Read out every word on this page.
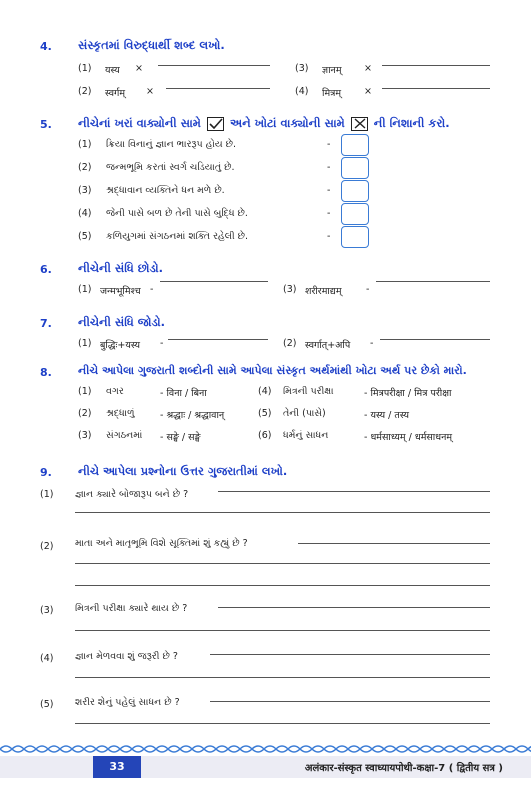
4. સંસ્કૃતમાં વિરુદ્ધાર્થી શબ્દ લખો.
(1) यस्य ×	(3) ज्ञानम् ×
(2) स्वर्गम् ×	(4) मित्रम् ×
5. નીચેનાં ખરાં વાક્યોની સામે	અને ખોટાં વાક્યોની સામે	ની નિશાની કરો.
(1) ક્રિયા વિનાનું જ્ઞાન ભારરૂપ હોય છે.	-
(2) જન્મભૂમિ કરતાં સ્વર્ગ ચડિયાતું છે.	-
(3) શ્રદ્ધાવાન વ્યક્તિને ધન મળે છે.	-
(4) જેની પાસે બળ છે તેની પાસે બુદ્ધિ છે.	-
(5) કળિયુગમાં સંગઠનમાં શક્તિ રહેલી છે.	-
6. નીચેની સંધિ છોડો.
(1) जन्मभूमिश्च -	(3) शरीरमाद्यम्	-
7. નીચેની સંધિ જોડો.
(1) बुद्धिः+यस्य -	(2) स्वर्गात्+अपि -
8. નીચે આપેલા ગુજરાતી શબ્દોની સામે આપેલા સંસ્કૃત અર્થમાંથી ખોટા અર્થ પર છેકો મારો.
(1) વગર	- विना / बिना	(4) મિત્રની પરીક્ષા	- मित्रपरीक्षा / मित्र परीक्षा
(2) શ્રદ્ધાળું	- श्रद्धाः / श्रद्धावान्	(5) તેની (પાસે)	- यस्य / तस्य
(3) સંગઠનમાં - सङ्घे / सङ्घे	(6) ધર્મનું સાધન	- धर्मसाध्यम् / धर्मसाधनम्
9. નીચે આપેલા પ્રશ્નોના ઉત્તર ગુજરાતીમાં લખો.
(1) જ્ઞાન ક્યારે બોજારૂપ બને છે ?
(2) માતા અને માતૃભૂમિ વિશે સૂક્તિમાં શું કહ્યું છે ?
(3) મિત્રની પરીક્ષા ક્યારે થાય છે ?
(4) જ્ઞાન મેળવવા શું જરૂરી છે ?
(5) શરીર શેનું પહેલું સાધન છે ?
33	अलंकार-संस्कृत स्वाध्यायपोथी-कक्षा-7 ( द्वितीय सत्र )
